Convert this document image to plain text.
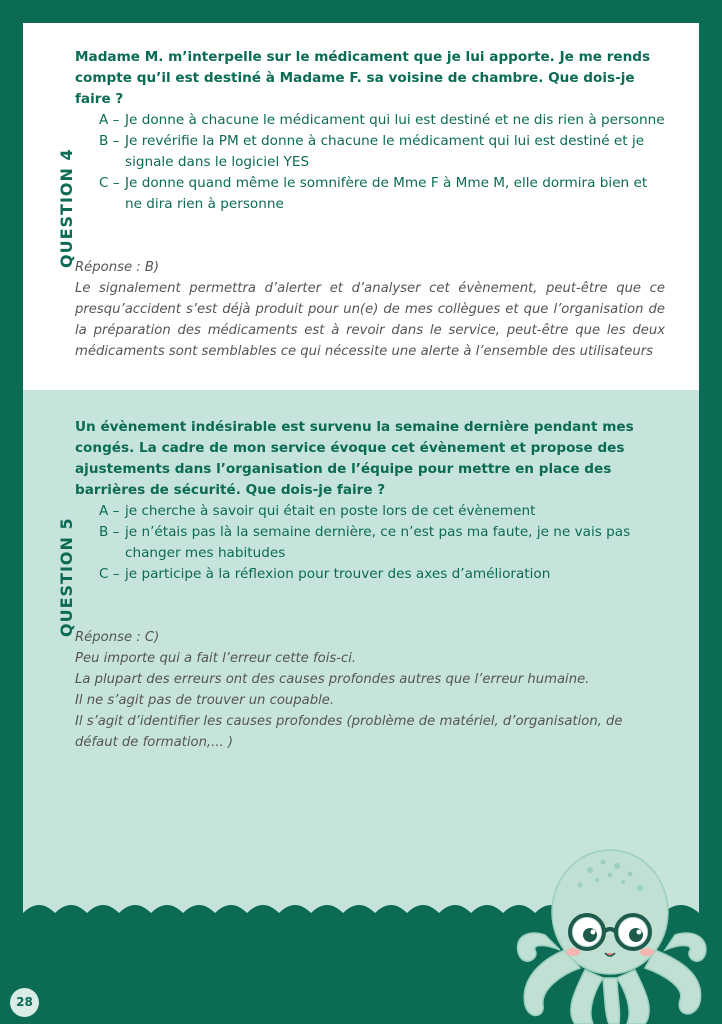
QUESTION 4

Madame M. m’interpelle sur le médicament que je lui apporte. Je me rends compte qu’il est destiné à Madame F. sa voisine de chambre. Que dois-je faire ?

A – Je donne à chacune le médicament qui lui est destiné et ne dis rien à personne
B – Je revérifie la PM et donne à chacune le médicament qui lui est destiné et je signale dans le logiciel YES
C – Je donne quand même le somnifère de Mme F à Mme M, elle dormira bien et ne dira rien à personne

Réponse : B)

Le signalement permettra d’alerter et d’analyser cet évènement, peut-être que ce presqu’accident s’est déjà produit pour un(e) de mes collègues et que l’organisation de la préparation des médicaments est à revoir dans le service, peut-être que les deux médicaments sont semblables ce qui nécessite une alerte à l’ensemble des utilisateurs

QUESTION 5

Un évènement indésirable est survenu la semaine dernière pendant mes congés. La cadre de mon service évoque cet évènement et propose des ajustements dans l’organisation de l’équipe pour mettre en place des barrières de sécurité. Que dois-je faire ?

A – je cherche à savoir qui était en poste lors de cet évènement
B – je n’étais pas là la semaine dernière, ce n’est pas ma faute, je ne vais pas changer mes habitudes
C – je participe à la réflexion pour trouver des axes d’amélioration

Réponse : C)

Peu importe qui a fait l’erreur cette fois-ci.

La plupart des erreurs ont des causes profondes autres que l’erreur humaine.

Il ne s’agit pas de trouver un coupable.

Il s’agit d’identifier les causes profondes (problème de matériel, d’organisation, de défaut de formation,... )

28
